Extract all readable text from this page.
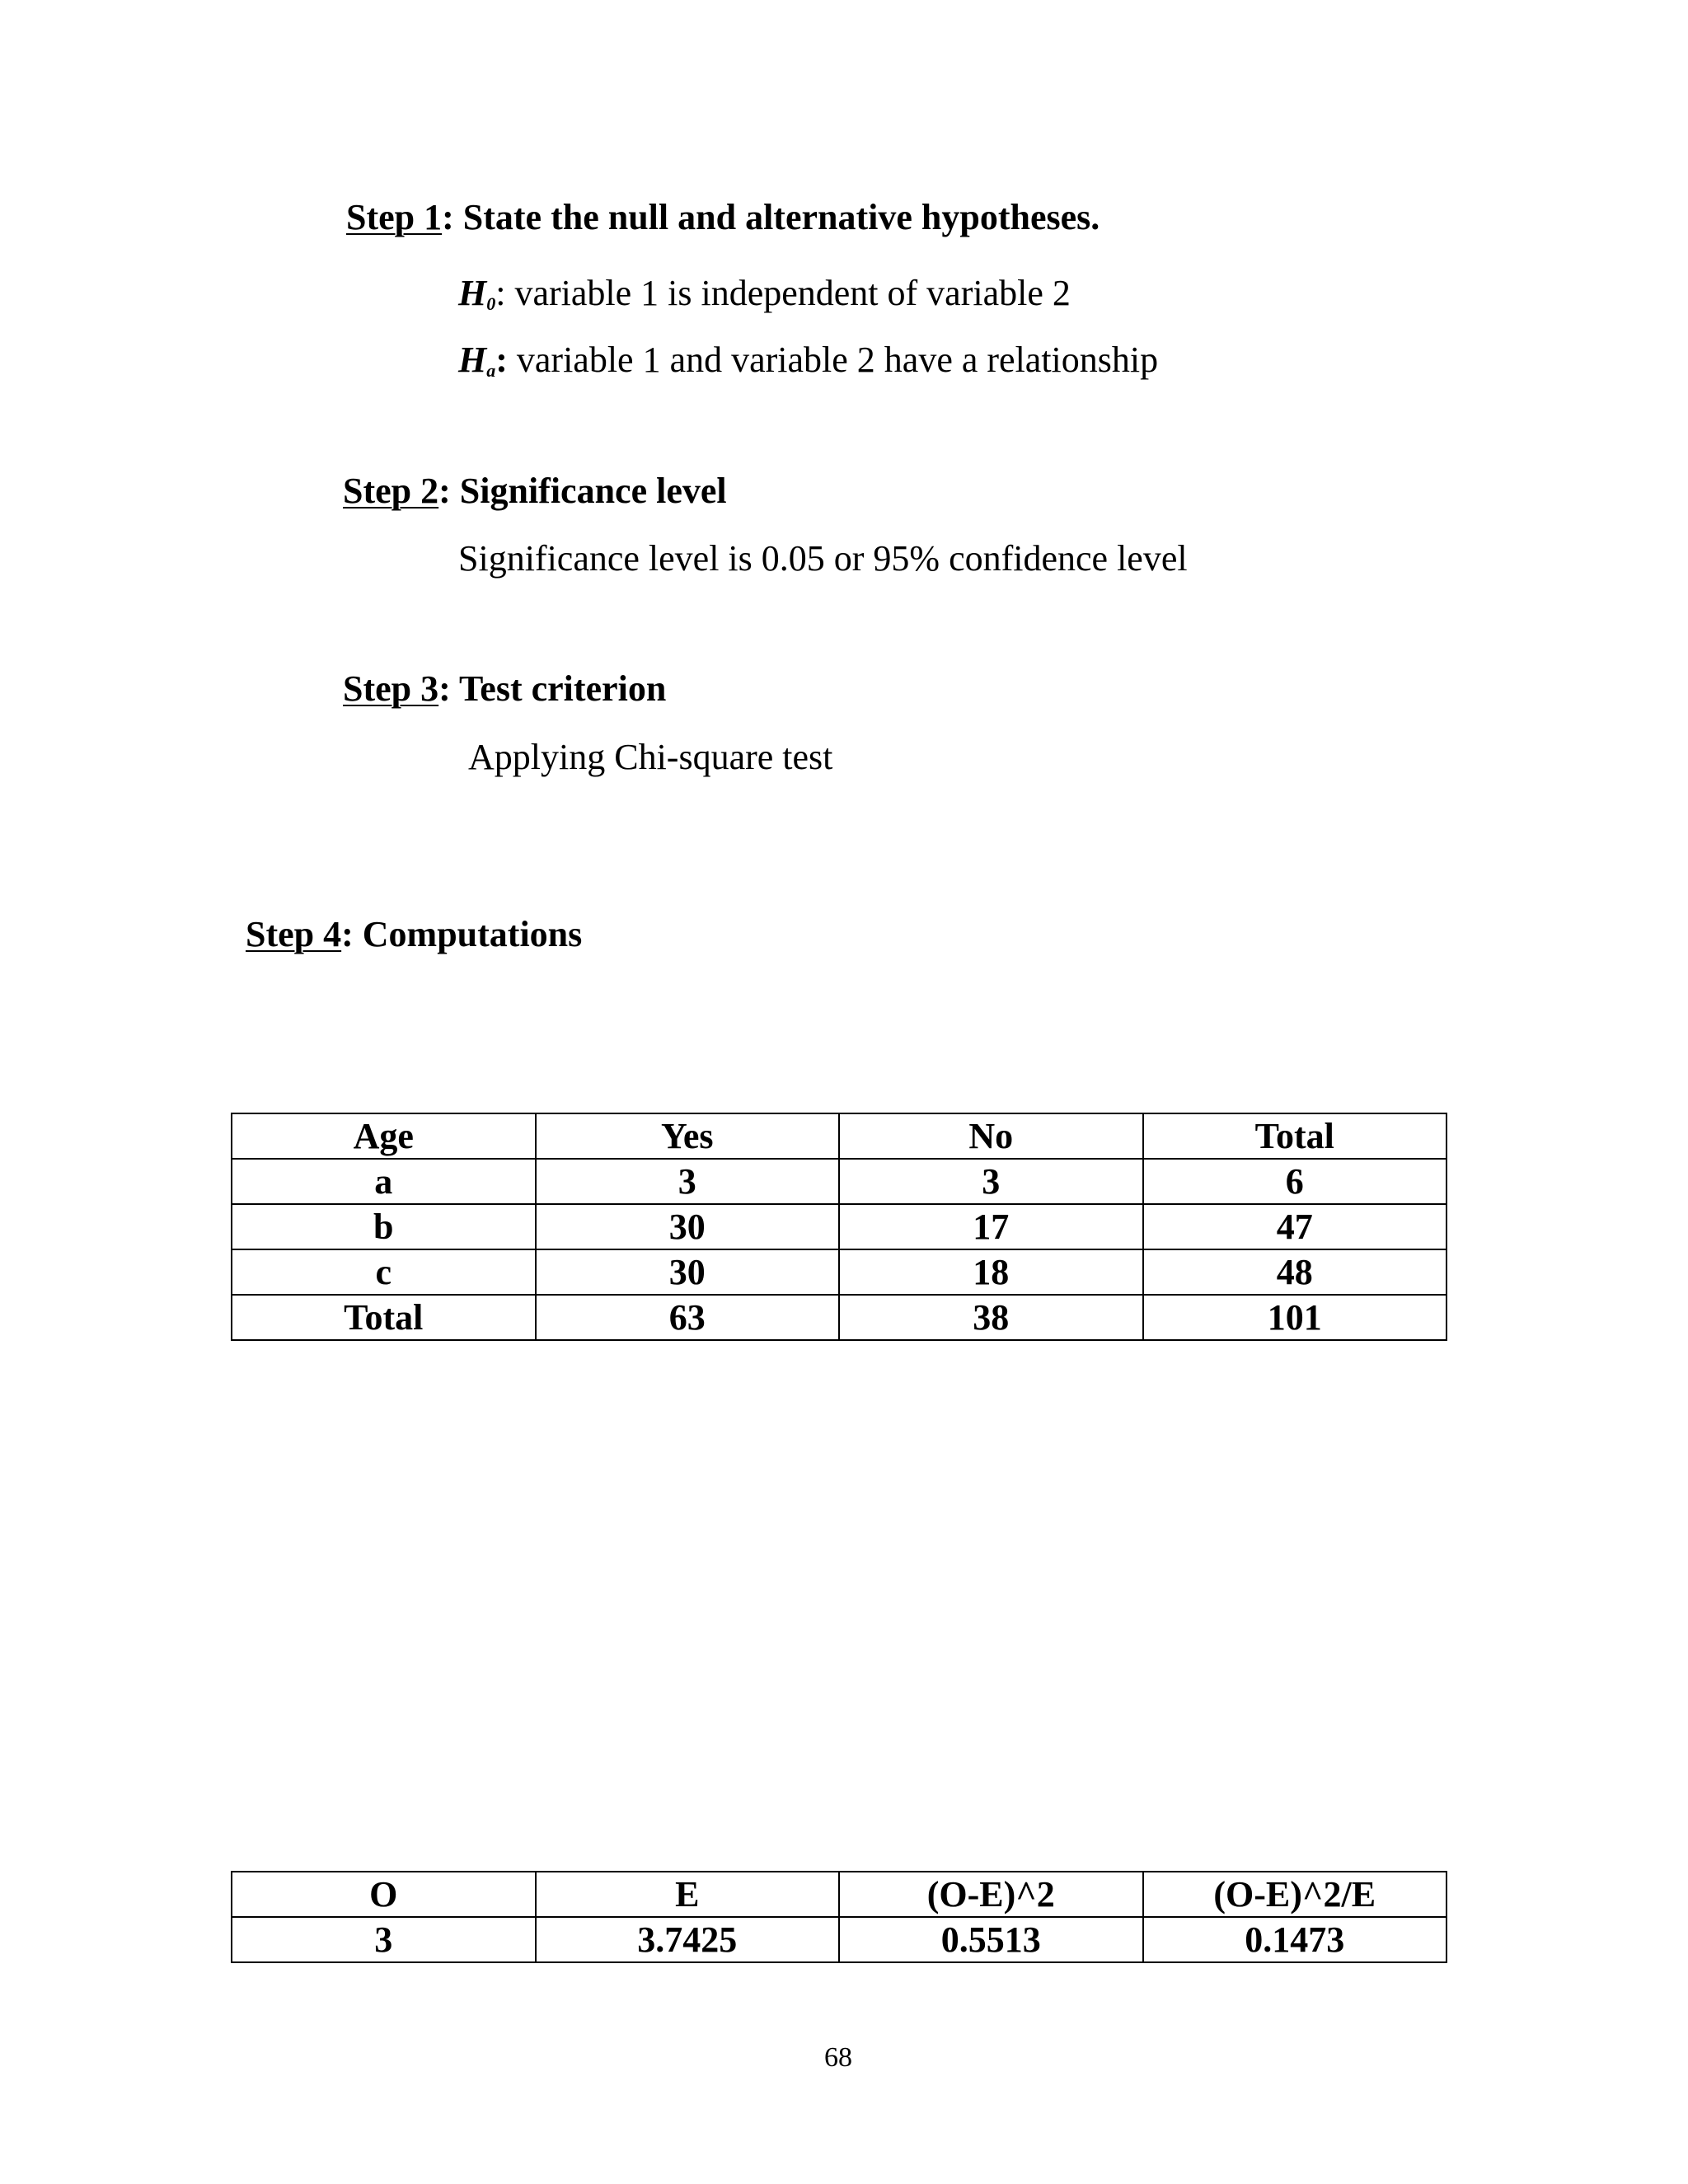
Step 1: State the null and alternative hypotheses.
$H_0$: variable 1 is independent of variable 2
$H_a$: variable 1 and variable 2 have a relationship
Step 2: Significance level
Significance level is 0.05 or 95% confidence level
Step 3: Test criterion
Applying Chi-square test
Step 4: Computations
Age	Yes	No	Total
a	3	3	6
b	30	17	47
c	30	18	48
Total	63	38	101
O	E	(O-E)^2	(O-E)^2/E
3	3.7425	0.5513	0.1473
68
